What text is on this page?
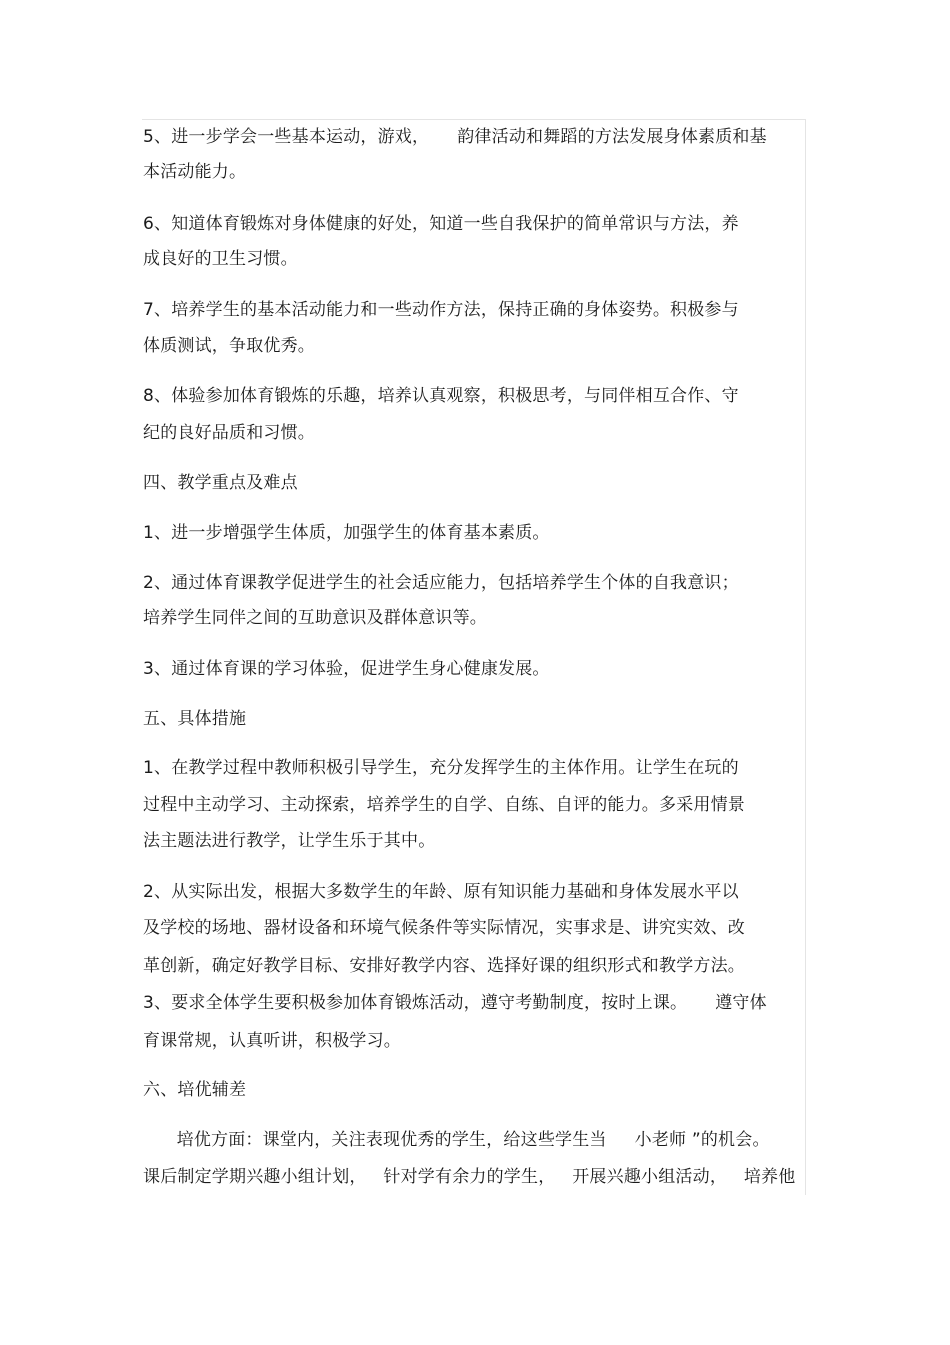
5、进一步学会一些基本运动，游戏，     韵律活动和舞蹈的方法发展身体素质和基
本活动能力。
6、知道体育锻炼对身体健康的好处，知道一些自我保护的简单常识与方法，养
成良好的卫生习惯。
7、培养学生的基本活动能力和一些动作方法，保持正确的身体姿势。积极参与
体质测试，争取优秀。
8、体验参加体育锻炼的乐趣，培养认真观察，积极思考，与同伴相互合作、守
纪的良好品质和习惯。
四、教学重点及难点
1、进一步增强学生体质，加强学生的体育基本素质。
2、通过体育课教学促进学生的社会适应能力，包括培养学生个体的自我意识；
培养学生同伴之间的互助意识及群体意识等。
3、通过体育课的学习体验，促进学生身心健康发展。
五、具体措施
1、在教学过程中教师积极引导学生，充分发挥学生的主体作用。让学生在玩的
过程中主动学习、主动探索，培养学生的自学、自练、自评的能力。多采用情景
法主题法进行教学，让学生乐于其中。
2、从实际出发，根据大多数学生的年龄、原有知识能力基础和身体发展水平以
及学校的场地、器材设备和环境气候条件等实际情况，实事求是、讲究实效、改
革创新，确定好教学目标、安排好教学内容、选择好课的组织形式和教学方法。
3、要求全体学生要积极参加体育锻炼活动，遵守考勤制度，按时上课。     遵守体
育课常规，认真听讲，积极学习。
六、培优辅差
培优方面：课堂内，关注表现优秀的学生，给这些学生当     小老师 ”的机会。
课后制定学期兴趣小组计划，   针对学有余力的学生，   开展兴趣小组活动，   培养他
